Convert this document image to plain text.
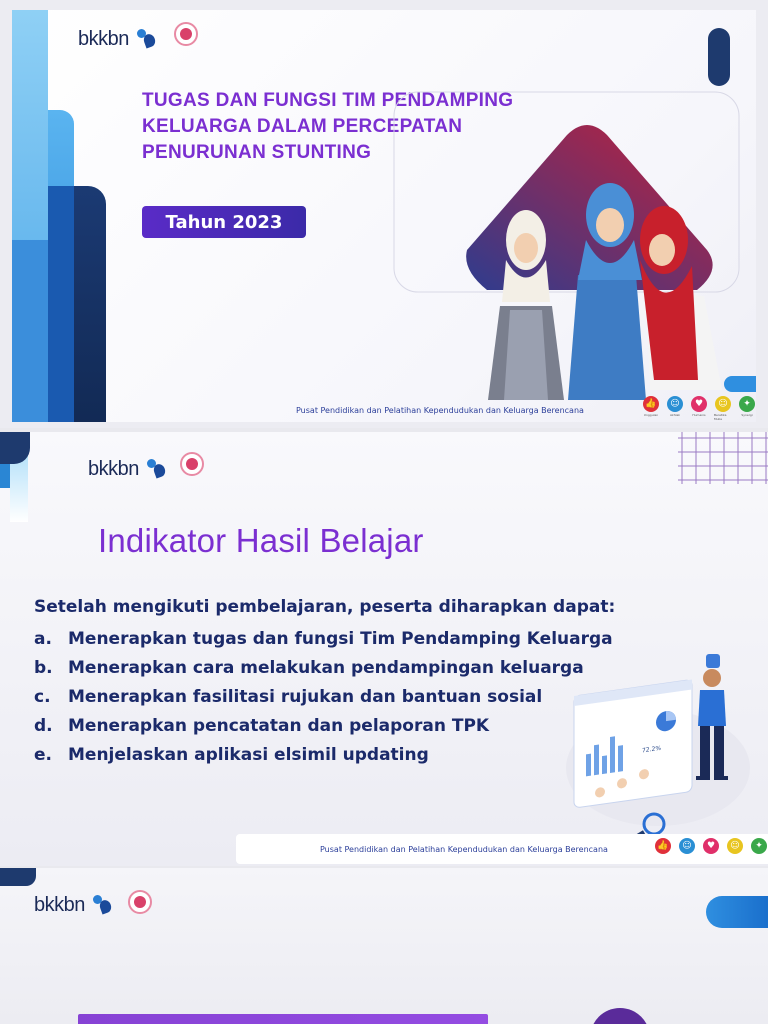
bkkbn
TUGAS DAN FUNGSI TIM PENDAMPING
KELUARGA DALAM PERCEPATAN
PENURUNAN STUNTING
Tahun 2023
Pusat Pendidikan dan Pelatihan Kependudukan dan Keluarga Berencana
👍
Unggulan
☺
Akhlak
♥
Humanis
☺
Beretika Mulia
✦
Synergi
bkkbn
Indikator Hasil Belajar
Setelah mengikuti pembelajaran, peserta diharapkan dapat:
a. Menerapkan tugas dan fungsi Tim Pendamping Keluarga
b. Menerapkan cara melakukan pendampingan keluarga
c.	Menerapkan fasilitasi rujukan dan bantuan sosial
d. Menerapkan pencatatan dan pelaporan TPK
e. Menjelaskan aplikasi elsimil updating	72.2%
Pusat Pendidikan dan Pelatihan Kependudukan dan Keluarga Berencana	👍	☺	♥	☺	✦
bkkbn
